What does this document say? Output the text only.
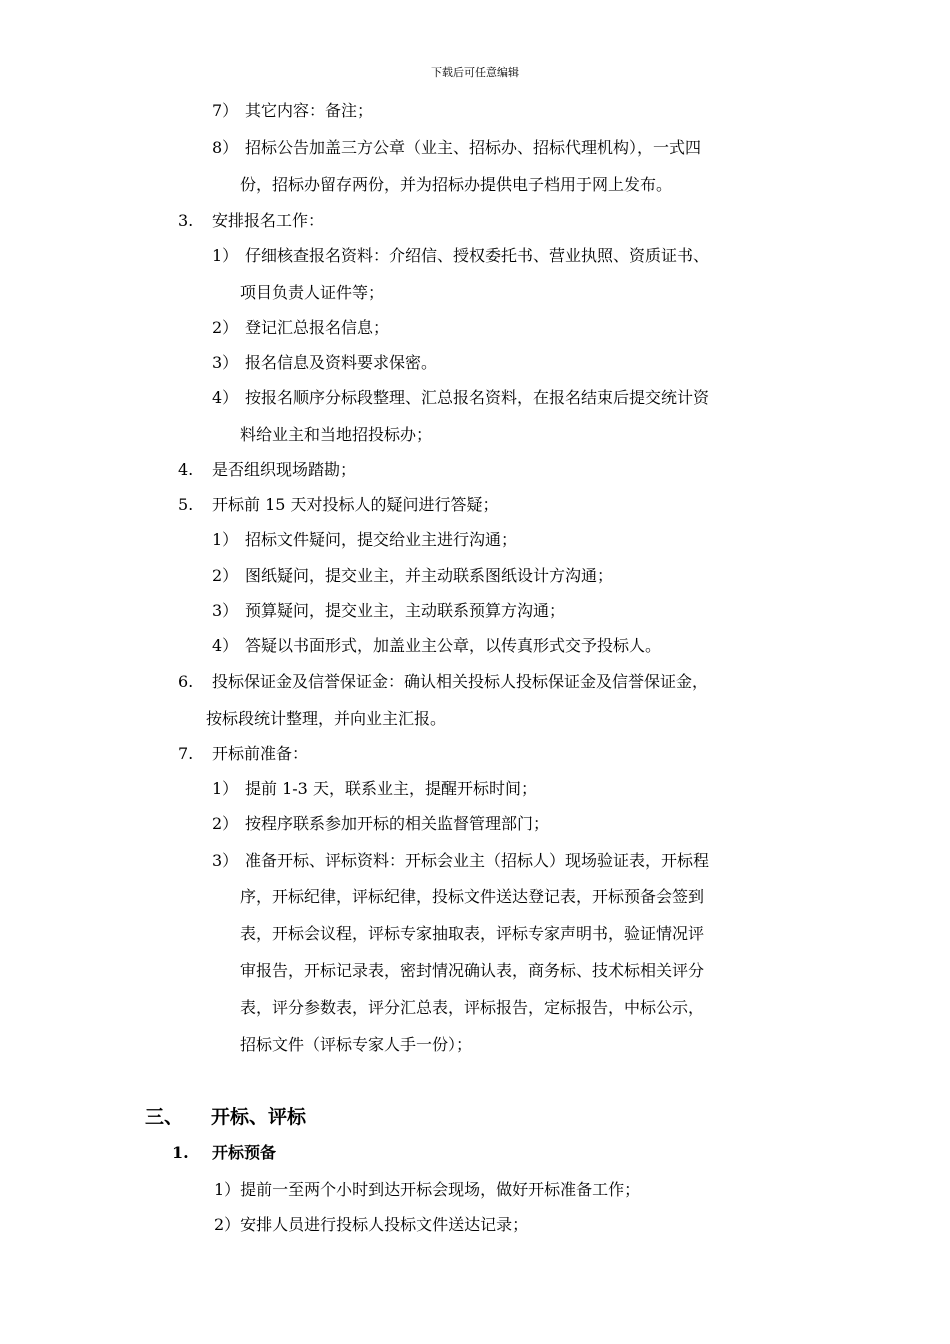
下载后可任意编辑
7） 其它内容：备注；
8） 招标公告加盖三方公章（业主、招标办、招标代理机构），一式四
份，招标办留存两份，并为招标办提供电子档用于网上发布。
3. 安排报名工作：
1） 仔细核查报名资料：介绍信、授权委托书、营业执照、资质证书、
项目负责人证件等；
2） 登记汇总报名信息；
3） 报名信息及资料要求保密。
4） 按报名顺序分标段整理、汇总报名资料，在报名结束后提交统计资
料给业主和当地招投标办；
4. 是否组织现场踏勘；
5. 开标前 15 天对投标人的疑问进行答疑；
1） 招标文件疑问，提交给业主进行沟通；
2） 图纸疑问，提交业主，并主动联系图纸设计方沟通；
3） 预算疑问，提交业主，主动联系预算方沟通；
4） 答疑以书面形式，加盖业主公章，以传真形式交予投标人。
6. 投标保证金及信誉保证金：确认相关投标人投标保证金及信誉保证金，
按标段统计整理，并向业主汇报。
7. 开标前准备：
1） 提前 1-3 天，联系业主，提醒开标时间；
2） 按程序联系参加开标的相关监督管理部门；
3） 准备开标、评标资料：开标会业主（招标人）现场验证表，开标程
序，开标纪律，评标纪律，投标文件送达登记表，开标预备会签到
表，开标会议程，评标专家抽取表，评标专家声明书，验证情况评
审报告，开标记录表，密封情况确认表，商务标、技术标相关评分
表，评分参数表，评分汇总表，评标报告，定标报告，中标公示，
招标文件（评标专家人手一份）；
三、 开标、评标
1. 开标预备
1）提前一至两个小时到达开标会现场，做好开标准备工作；
2）安排人员进行投标人投标文件送达记录；
